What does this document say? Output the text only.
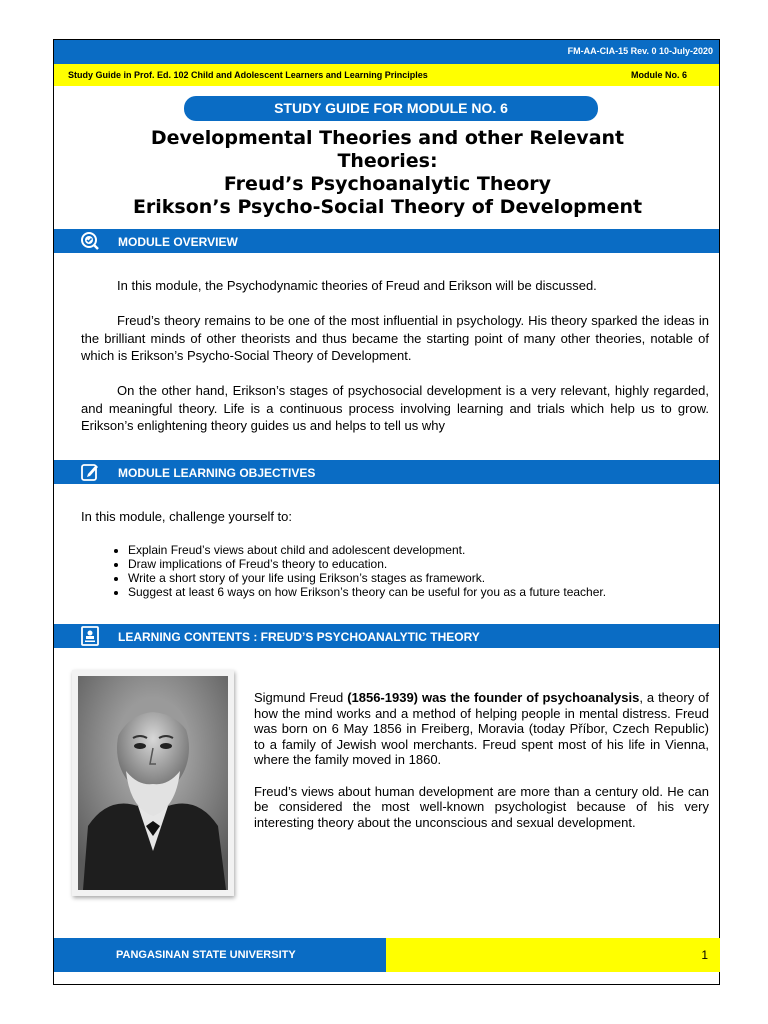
FM-AA-CIA-15 Rev. 0 10-July-2020
Study Guide in Prof. Ed. 102 Child and Adolescent Learners and Learning Principles	Module No. 6
STUDY GUIDE FOR MODULE NO. 6
Developmental Theories and other Relevant
Theories:
Freud’s Psychoanalytic Theory
Erikson’s Psycho-Social Theory of Development
MODULE OVERVIEW
In this module, the Psychodynamic theories of Freud and Erikson will be discussed.
Freud’s theory remains to be one of the most influential in psychology. His theory sparked the ideas in the brilliant minds of other theorists and thus became the starting point of many other theories, notable of which is Erikson’s Psycho-Social Theory of Development.
On the other hand, Erikson’s stages of psychosocial development is a very relevant, highly regarded, and meaningful theory. Life is a continuous process involving learning and trials which help us to grow. Erikson’s enlightening theory guides us and helps to tell us why
MODULE LEARNING OBJECTIVES
In this module, challenge yourself to:
• Explain Freud’s views about child and adolescent development.
• Draw implications of Freud’s theory to education.
• Write a short story of your life using Erikson’s stages as framework.
• Suggest at least 6 ways on how Erikson’s theory can be useful for you as a future teacher.
LEARNING CONTENTS : FREUD’S PSYCHOANALYTIC THEORY

Sigmund Freud (1856-1939) was the founder of psychoanalysis, a theory of how the mind works and a method of helping people in mental distress. Freud was born on 6 May 1856 in Freiberg, Moravia (today Příbor, Czech Republic) to a family of Jewish wool merchants. Freud spent most of his life in Vienna, where the family moved in 1860.

Freud’s views about human development are more than a century old. He can be considered the most well-known psychologist because of his very interesting theory about the unconscious and sexual development.

PANGASINAN STATE UNIVERSITY	1
